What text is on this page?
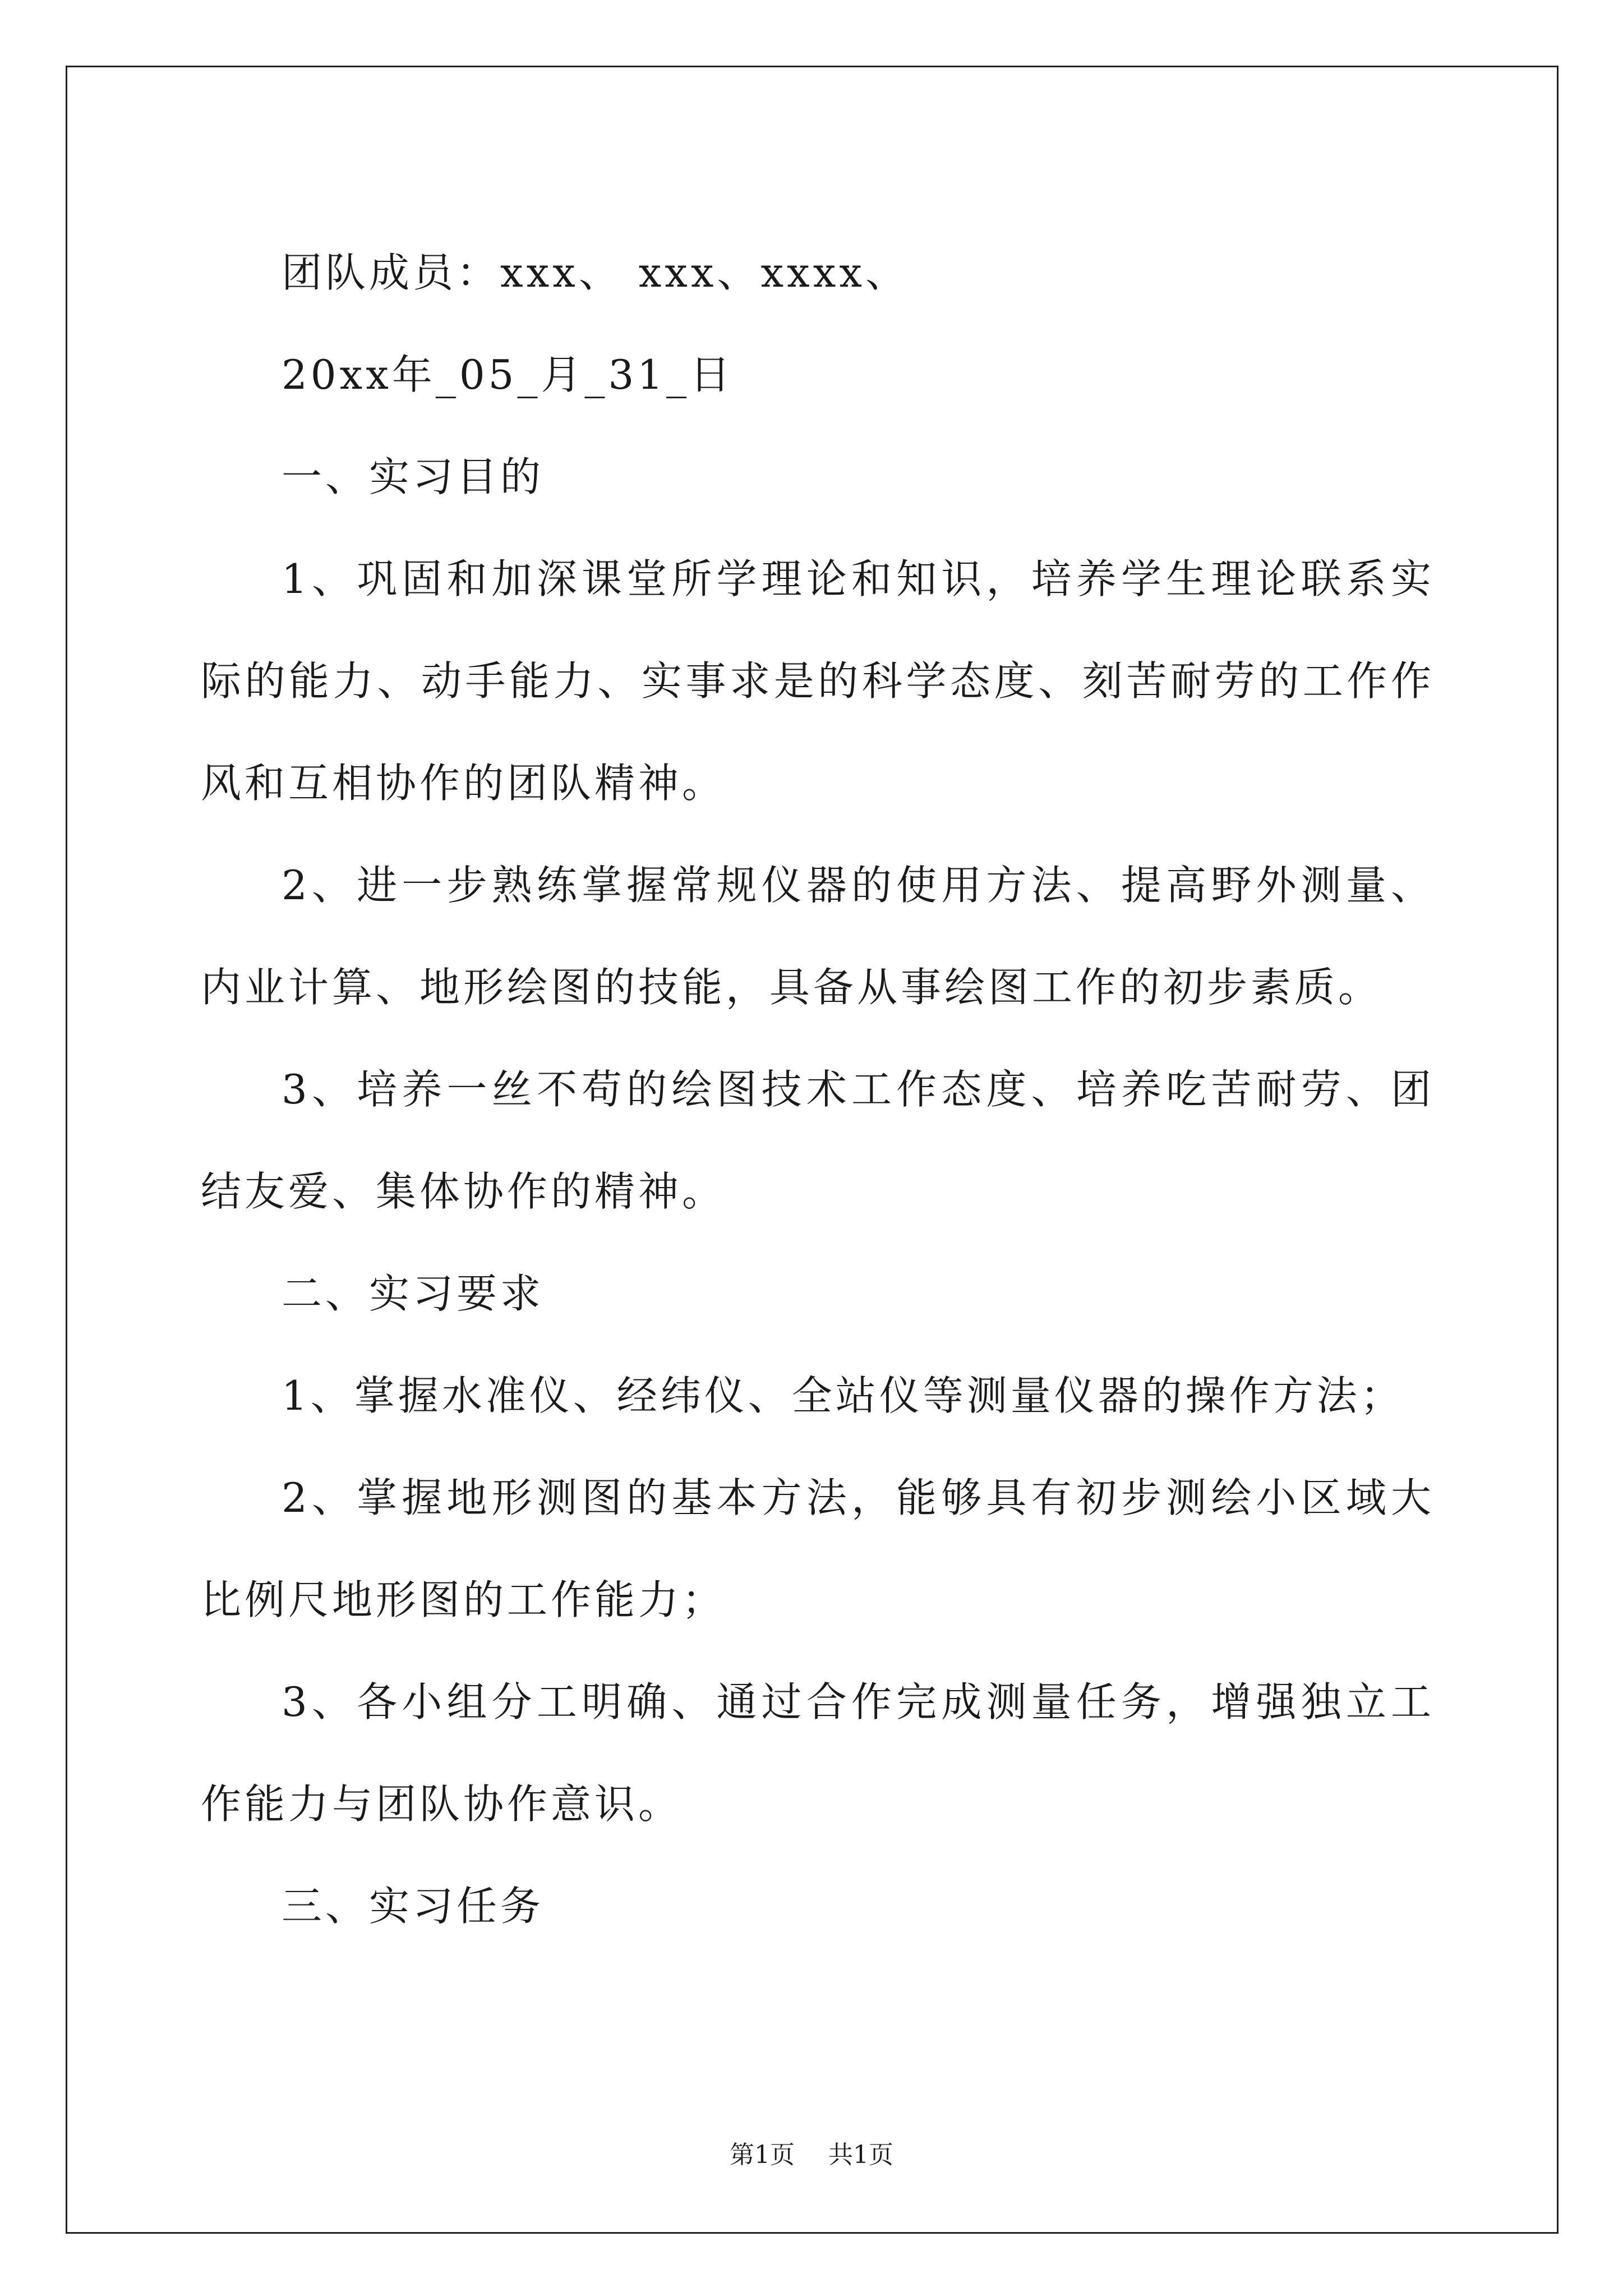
团队成员：xxx、 xxx、xxxx、

20xx年_05_月_31_日

一、实习目的

1、巩固和加深课堂所学理论和知识，培养学生理论联系实际的能力、动手能力、实事求是的科学态度、刻苦耐劳的工作作风和互相协作的团队精神。

2、进一步熟练掌握常规仪器的使用方法、提高野外测量、内业计算、地形绘图的技能，具备从事绘图工作的初步素质。

3、培养一丝不苟的绘图技术工作态度、培养吃苦耐劳、团结友爱、集体协作的精神。

二、实习要求

1、掌握水准仪、经纬仪、全站仪等测量仪器的操作方法；

2、掌握地形测图的基本方法，能够具有初步测绘小区域大比例尺地形图的工作能力；

3、各小组分工明确、通过合作完成测量任务，增强独立工作能力与团队协作意识。

三、实习任务

第1页 共1页
